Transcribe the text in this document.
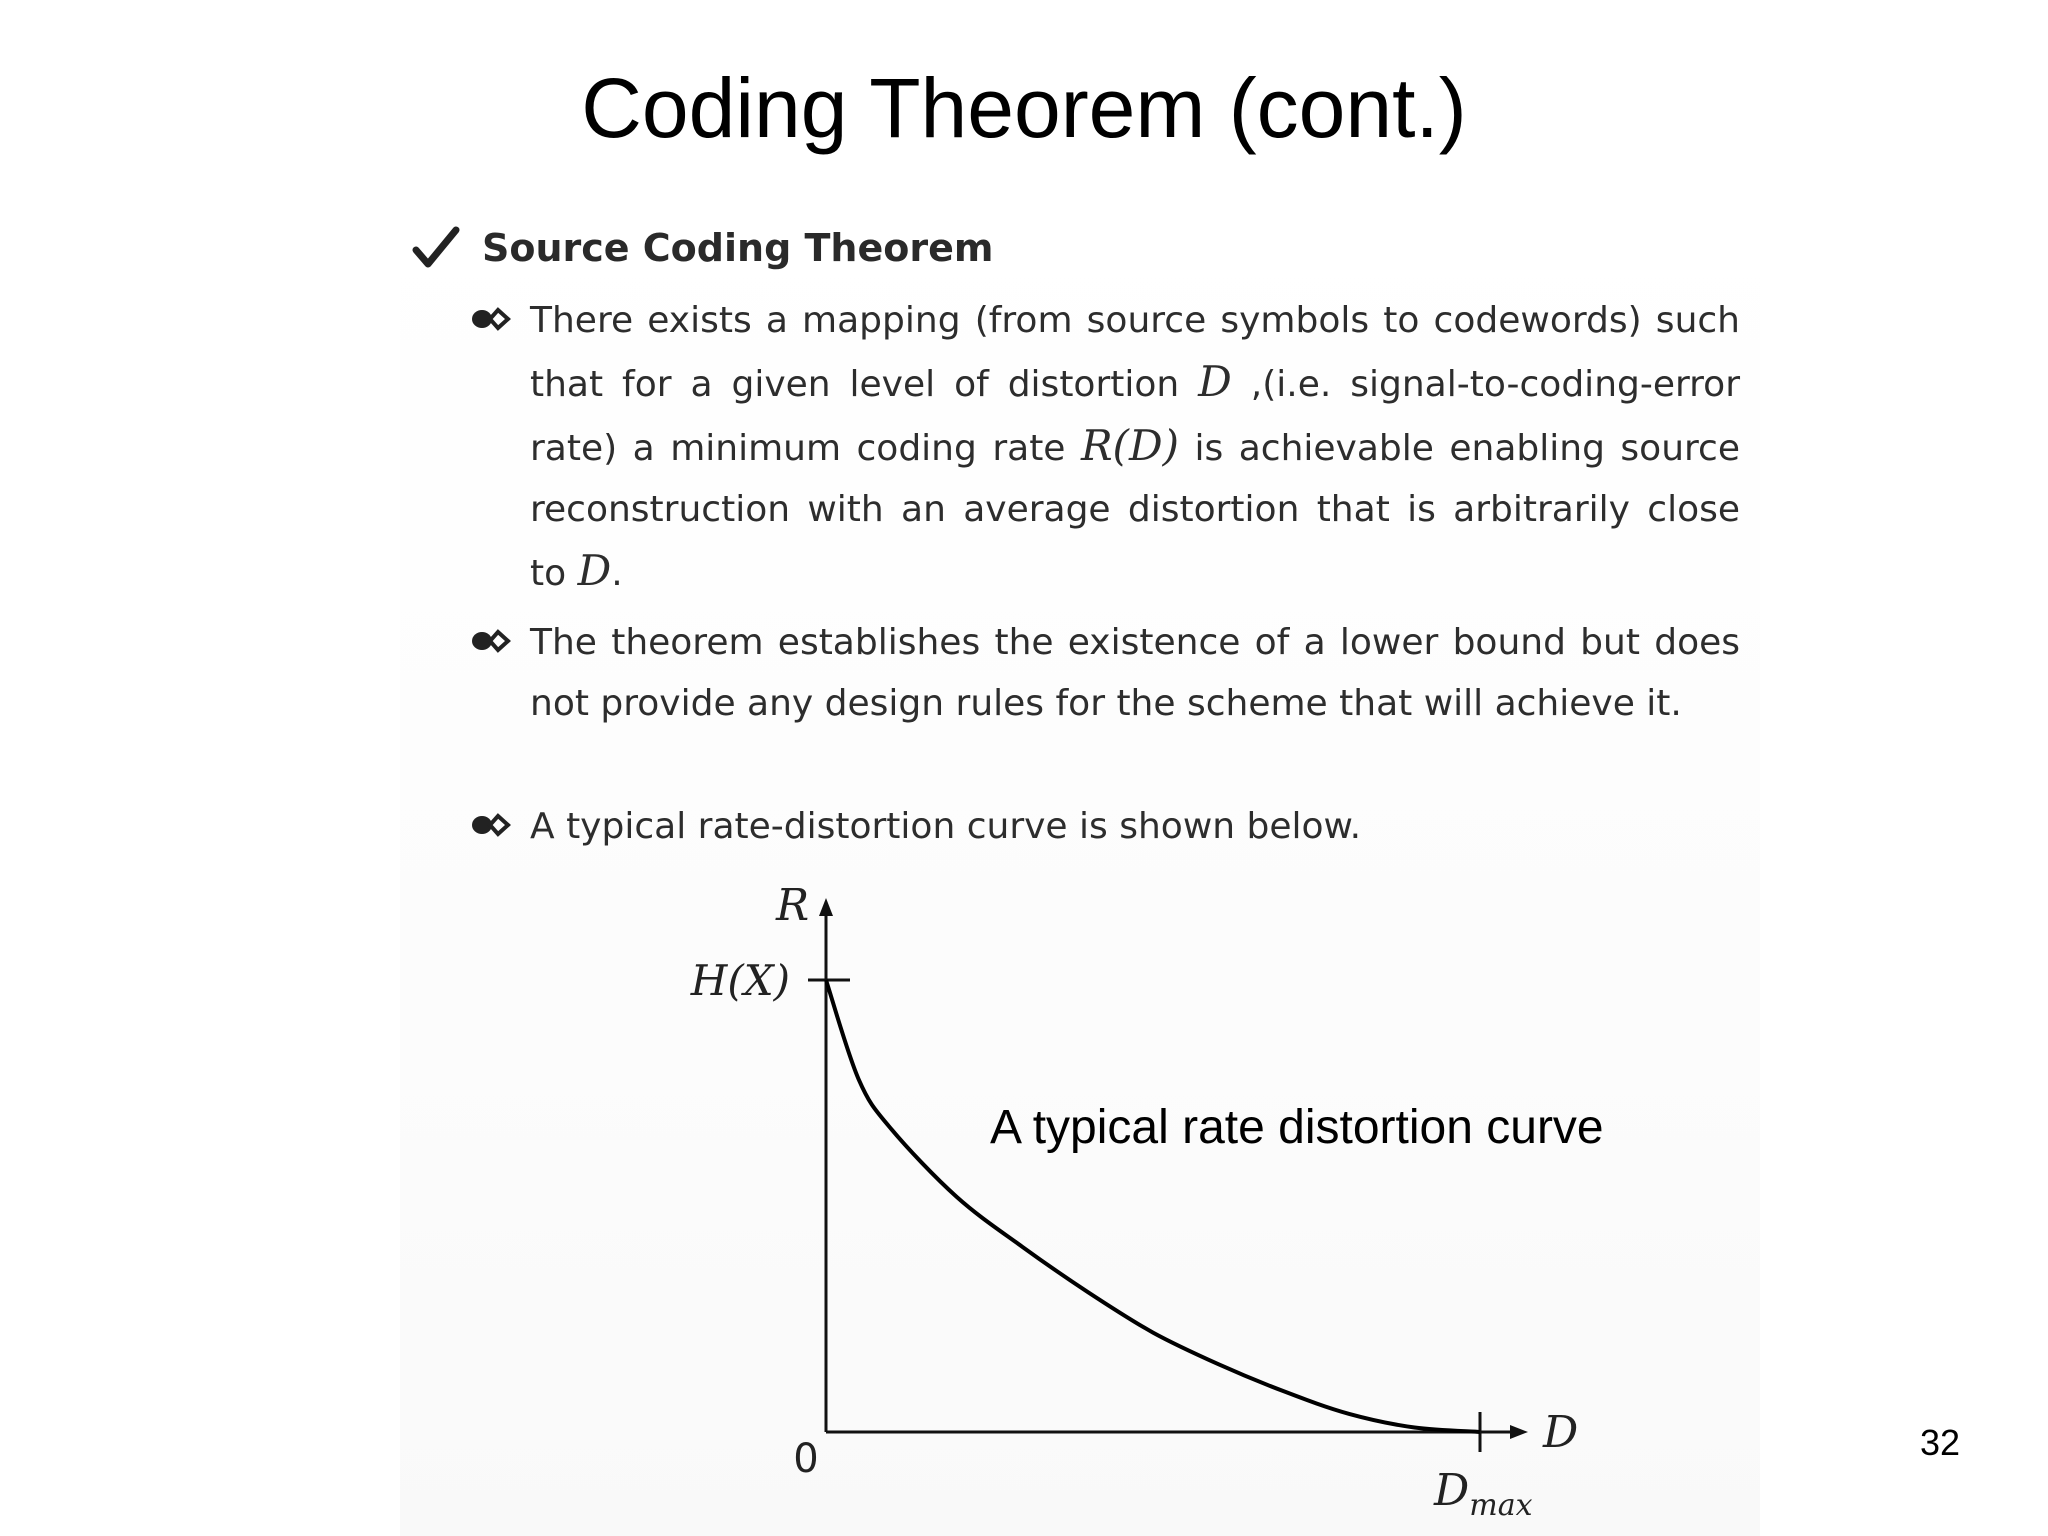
Coding Theorem (cont.)
Source Coding Theorem
There exists a mapping (from source symbols to codewords) such that for a given level of distortion D ,(i.e. signal-to-coding-error rate) a minimum coding rate R(D) is achievable enabling source reconstruction with an average distortion that is arbitrarily close to D.
The theorem establishes the existence of a lower bound but does not provide any design rules for the scheme that will achieve it.
A typical rate-distortion curve is shown below.
R
H(X)
D
0
$D_{max}$
A typical rate distortion curve
32
